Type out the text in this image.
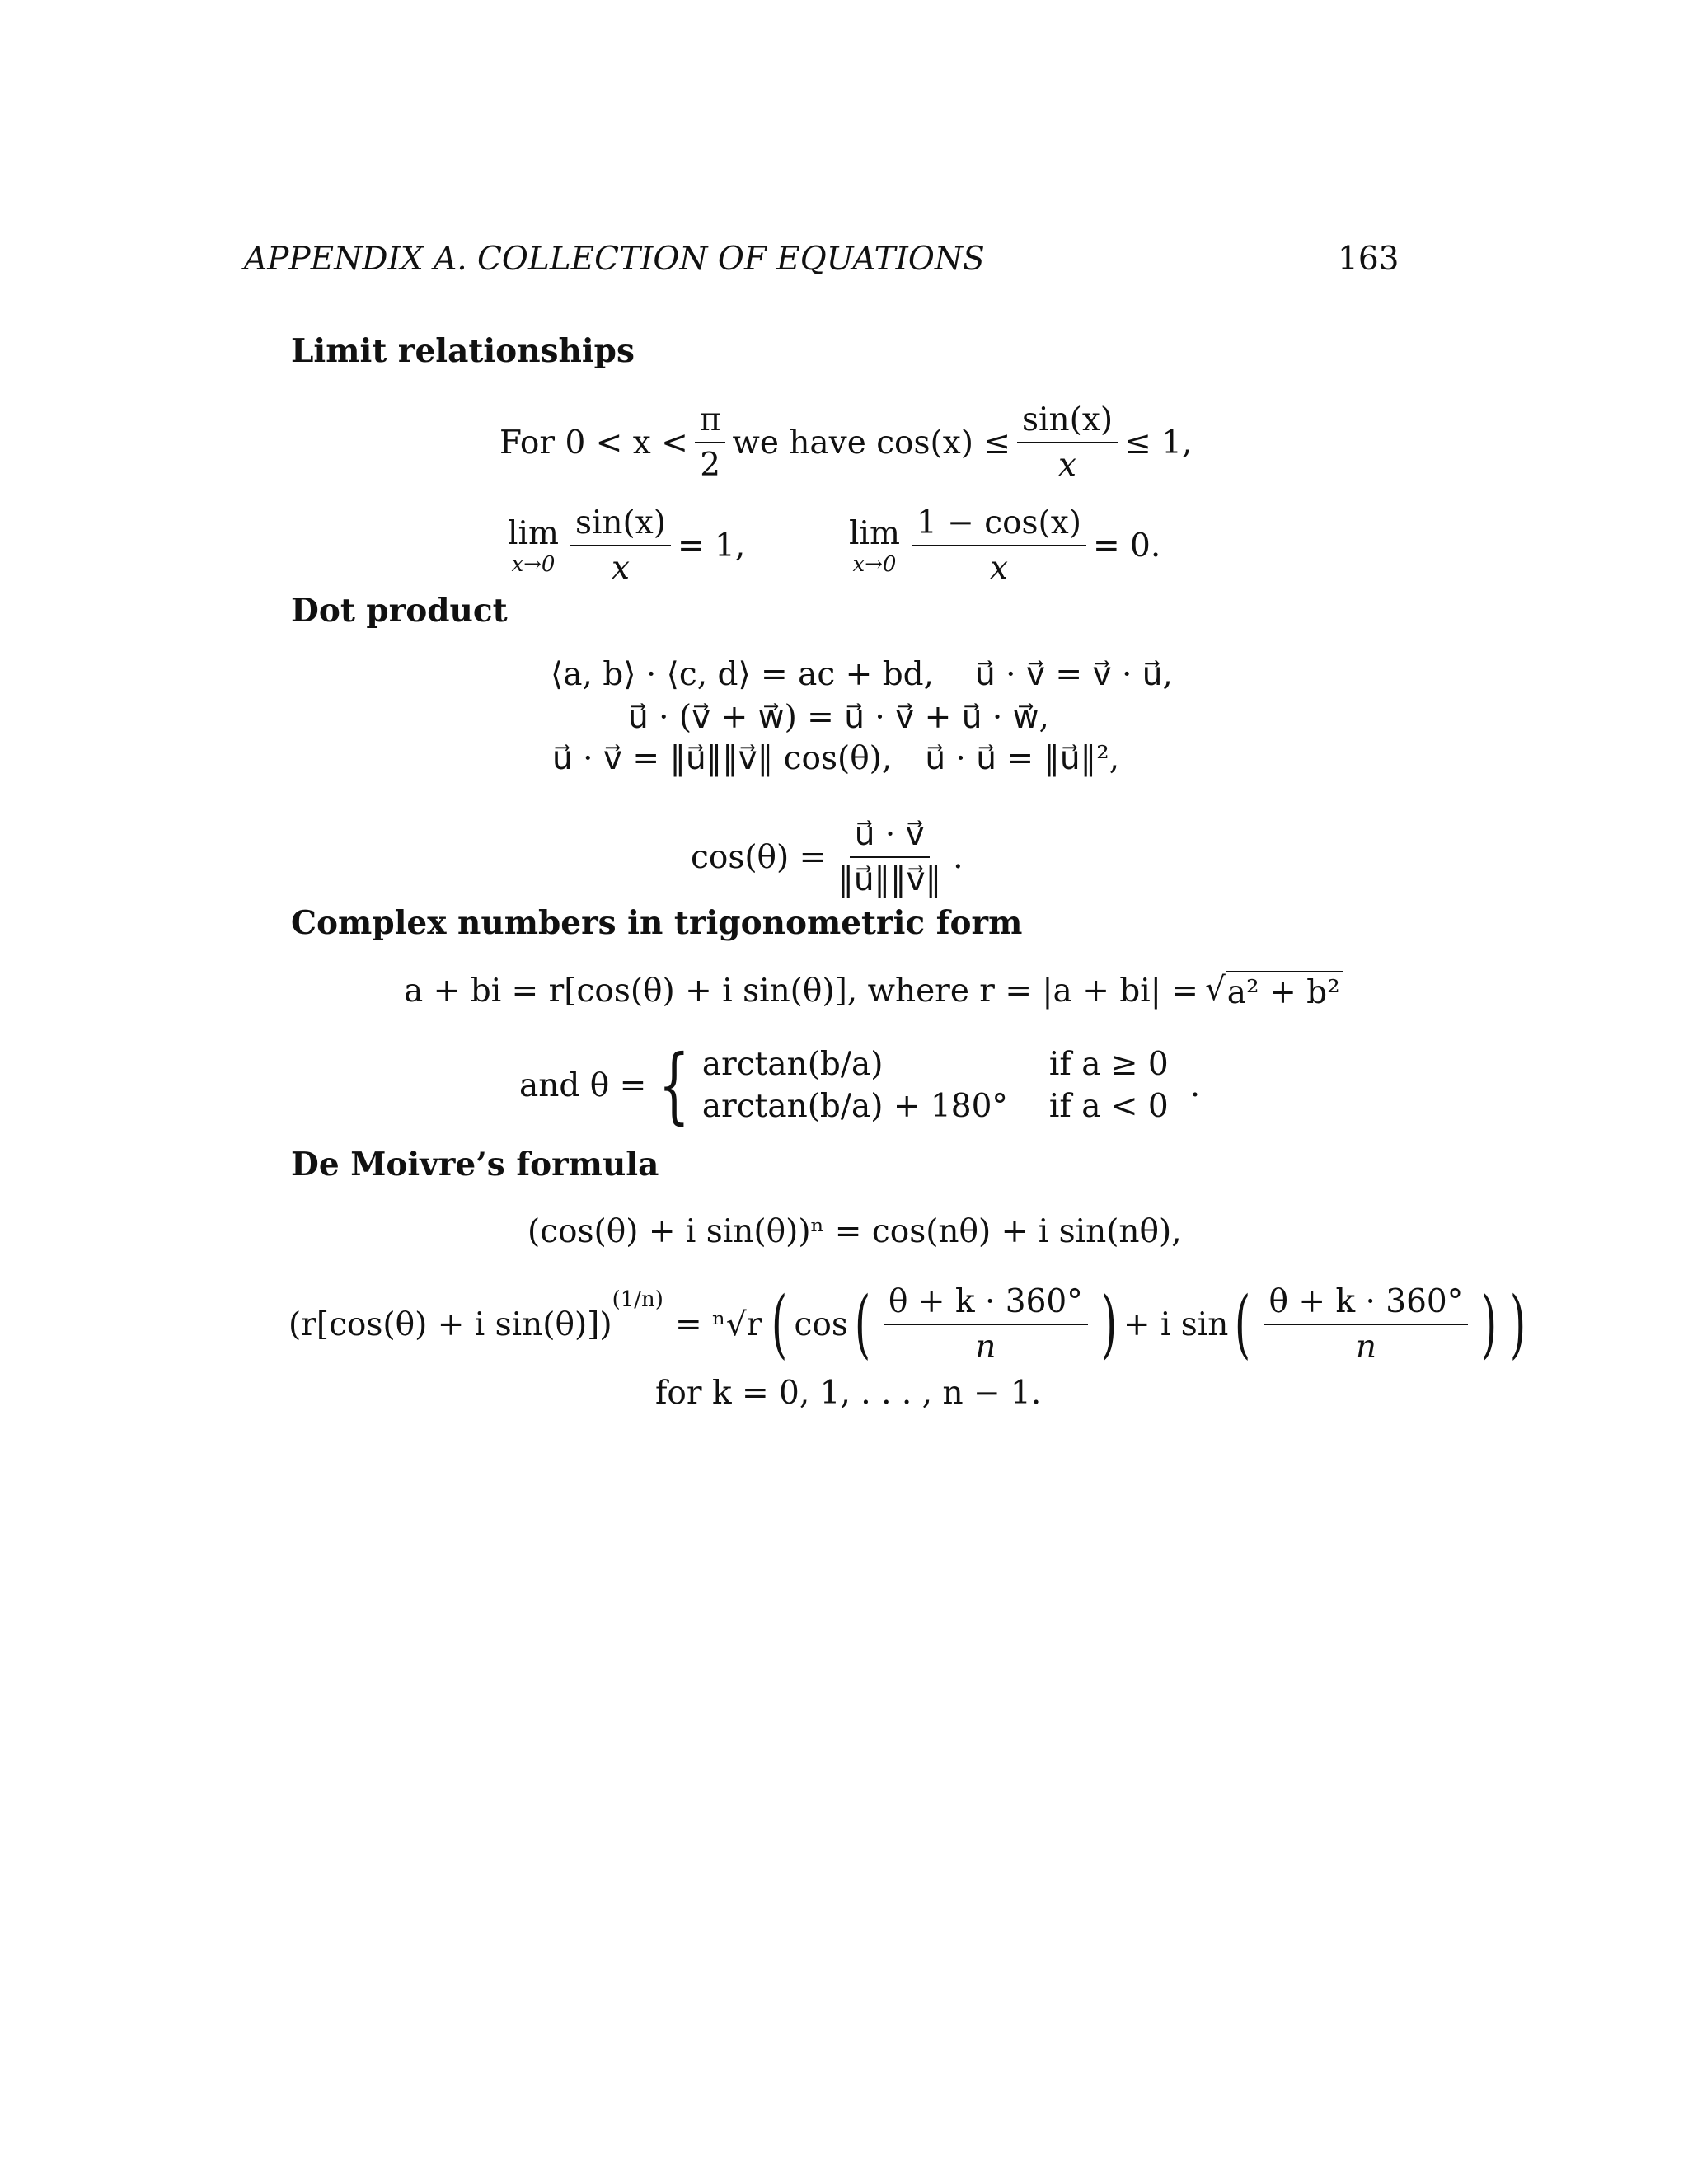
APPENDIX A. COLLECTION OF EQUATIONS	163
Limit relationships
For $0 < x < \frac{\pi}{2}$ we have $\cos(x) \le \frac{\sin(x)}{x} \le 1$,
lim
$x\to 0 \frac{\sin(x)}{x} = 1$,	lim
$x\to 0 \frac{1 - \cos(x)}{x} = 0$.
Dot product
⟨a, b⟩ · ⟨c, d⟩ = ac + bd, u⃗ · v⃗ = v⃗ · u⃗,
u⃗ · (v⃗ + w⃗) = u⃗ · v⃗ + u⃗ · w⃗,
u⃗ · v⃗ = ‖u⃗‖‖v⃗‖ cos(θ), u⃗ · u⃗ = ‖u⃗‖²,
$\cos(\theta) = \frac{u⃗ \cdot v⃗}{‖u⃗‖‖v⃗‖}$ .
Complex numbers in trigonometric form
a + bi = r[cos(θ) + i sin(θ)], where r = |a + bi| = √ a² + b²
and θ = { arctan(b/a)	if a ≥ 0
arctan(b/a) + 180° if a < 0
.
De Moivre’s formula
(cos(θ) + i sin(θ))ⁿ = cos(nθ) + i sin(nθ),
(r[cos(θ) + i sin(θ)])
$^{(1/n)}$
= ⁿ√r ( cos ( $\frac{\theta + k \cdot 360^\circ}{n}$ ) + i sin ( $\frac{\theta + k \cdot 360^\circ}{n}$ ) )
for k = 0, 1, . . . , n − 1.
